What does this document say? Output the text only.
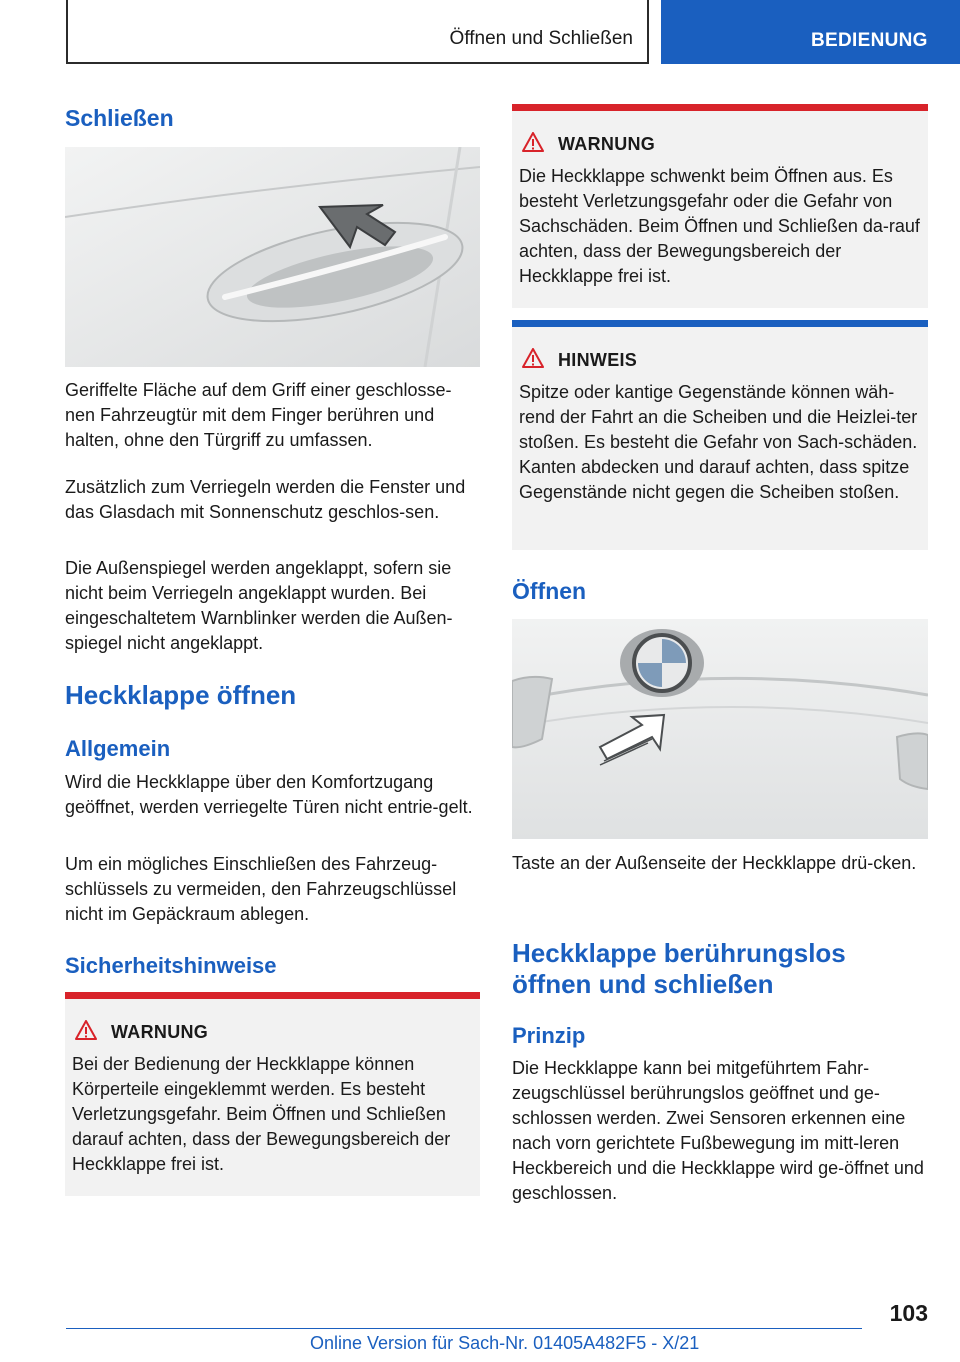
Öffnen und Schließen	BEDIENUNG
Schließen
Geriffelte Fläche auf dem Griff einer geschlosse-nen Fahrzeugtür mit dem Finger berühren und halten, ohne den Türgriff zu umfassen.
Zusätzlich zum Verriegeln werden die Fenster und das Glasdach mit Sonnenschutz geschlos-sen.
Die Außenspiegel werden angeklappt, sofern sie nicht beim Verriegeln angeklappt wurden. Bei eingeschaltetem Warnblinker werden die Außen-spiegel nicht angeklappt.
Heckklappe öffnen
Allgemein
Wird die Heckklappe über den Komfortzugang geöffnet, werden verriegelte Türen nicht entrie-gelt.
Um ein mögliches Einschließen des Fahrzeug-schlüssels zu vermeiden, den Fahrzeugschlüssel nicht im Gepäckraum ablegen.
Sicherheitshinweise
WARNUNG
Bei der Bedienung der Heckklappe können Körperteile eingeklemmt werden. Es besteht Verletzungsgefahr. Beim Öffnen und Schließen darauf achten, dass der Bewegungsbereich der Heckklappe frei ist.
WARNUNG
Die Heckklappe schwenkt beim Öffnen aus. Es besteht Verletzungsgefahr oder die Gefahr von Sachschäden. Beim Öffnen und Schließen da-rauf achten, dass der Bewegungsbereich der Heckklappe frei ist.
HINWEIS
Spitze oder kantige Gegenstände können wäh-rend der Fahrt an die Scheiben und die Heizlei-ter stoßen. Es besteht die Gefahr von Sach-schäden. Kanten abdecken und darauf achten, dass spitze Gegenstände nicht gegen die Scheiben stoßen.
Öffnen
Taste an der Außenseite der Heckklappe drü-cken.
Heckklappe berührungslos öffnen und schließen
Prinzip
Die Heckklappe kann bei mitgeführtem Fahr-zeugschlüssel berührungslos geöffnet und ge-schlossen werden. Zwei Sensoren erkennen eine nach vorn gerichtete Fußbewegung im mitt-leren Heckbereich und die Heckklappe wird ge-öffnet und geschlossen.
103
Online Version für Sach-Nr. 01405A482F5 - X/21
